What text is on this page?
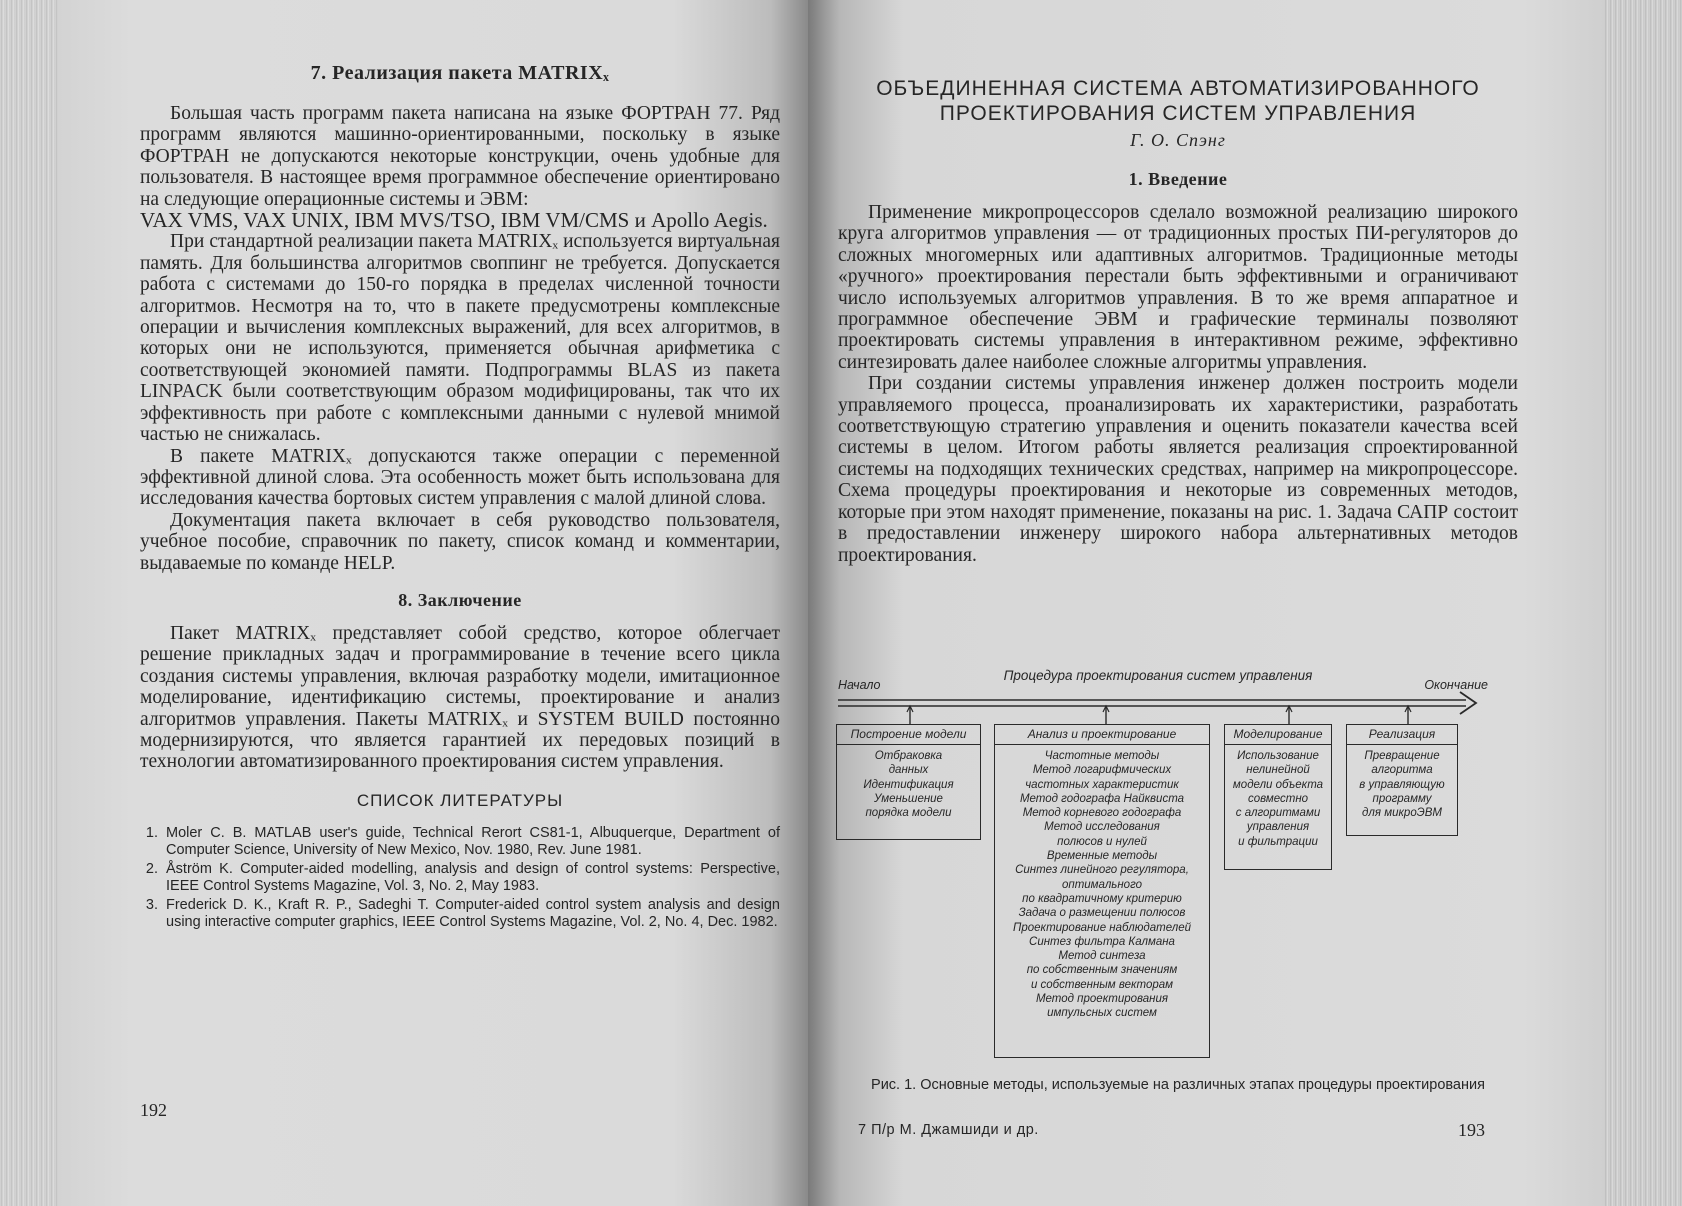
7. Реализация пакета MATRIXₓ

Большая часть программ пакета написана на языке ФОРТРАН 77. Ряд программ являются машинно-ориентированными, поскольку в языке ФОРТРАН не допускаются некоторые конструкции, очень удобные для пользователя. В настоящее время программное обеспечение ориентировано на следующие операционные системы и ЭВМ:

VAX VMS, VAX UNIX, IBM MVS/TSO, IBM VM/CMS и Apollo Aegis.

При стандартной реализации пакета MATRIXₓ используется виртуальная память. Для большинства алгоритмов своппинг не требуется. Допускается работа с системами до 150-го порядка в пределах численной точности алгоритмов. Несмотря на то, что в пакете предусмотрены комплексные операции и вычисления комплексных выражений, для всех алгоритмов, в которых они не используются, применяется обычная арифметика с соответствующей экономией памяти. Подпрограммы BLAS из пакета LINPACK были соответствующим образом модифицированы, так что их эффективность при работе с комплексными данными с нулевой мнимой частью не снижалась.

В пакете MATRIXₓ допускаются также операции с переменной эффективной длиной слова. Эта особенность может быть использована для исследования качества бортовых систем управления с малой длиной слова.

Документация пакета включает в себя руководство пользователя, учебное пособие, справочник по пакету, список команд и комментарии, выдаваемые по команде HELP.

8. Заключение

Пакет MATRIXₓ представляет собой средство, которое облегчает решение прикладных задач и программирование в течение всего цикла создания системы управления, включая разработку модели, имитационное моделирование, идентификацию системы, проектирование и анализ алгоритмов управления. Пакеты MATRIXₓ и SYSTEM BUILD постоянно модернизируются, что является гарантией их передовых позиций в технологии автоматизированного проектирования систем управления.

СПИСОК ЛИТЕРАТУРЫ
1. Moler C. B. MATLAB user's guide, Technical Rerort CS81-1, Albuquerque, Department of Computer Science, University of New Mexico, Nov. 1980, Rev. June 1981.
2. Åström K. Computer-aided modelling, analysis and design of control systems: Perspective, IEEE Control Systems Magazine, Vol. 3, No. 2, May 1983.
3. Frederick D. K., Kraft R. P., Sadeghi T. Computer-aided control system analysis and design using interactive computer graphics, IEEE Control Systems Magazine, Vol. 2, No. 4, Dec. 1982.
192
ОБЪЕДИНЕННАЯ СИСТЕМА АВТОМАТИЗИРОВАННОГО
ПРОЕКТИРОВАНИЯ СИСТЕМ УПРАВЛЕНИЯ
Г. О. Спэнг
1. Введение

Применение микропроцессоров сделало возможной реализацию широкого круга алгоритмов управления — от традиционных простых ПИ-регуляторов до сложных многомерных или адаптивных алгоритмов. Традиционные методы «ручного» проектирования перестали быть эффективными и ограничивают число используемых алгоритмов управления. В то же время аппаратное и программное обеспечение ЭВМ и графические терминалы позволяют проектировать системы управления в интерактивном режиме, эффективно синтезировать далее наиболее сложные алгоритмы управления.

При создании системы управления инженер должен построить модели управляемого процесса, проанализировать их характеристики, разработать соответствующую стратегию управления и оценить показатели качества всей системы в целом. Итогом работы является реализация спроектированной системы на подходящих технических средствах, например на микропроцессоре. Схема процедуры проектирования и некоторые из современных методов, которые при этом находят применение, показаны на рис. 1. Задача САПР состоит в предоставлении инженеру широкого набора альтернативных методов проектирования.

Начало
Процедура проектирования систем управления
Окончание
Построение модели
Отбраковка
данных
Идентификация
Уменьшение
порядка модели
Анализ и проектирование
Частотные методы
Метод логарифмических
частотных характеристик
Метод годографа Найквиста
Метод корневого годографа
Метод исследования
полюсов и нулей
Временные методы
Синтез линейного регулятора,
оптимального
по квадратичному критерию
Задача о размещении полюсов
Проектирование наблюдателей
Синтез фильтра Калмана
Метод синтеза
по собственным значениям
и собственным векторам
Метод проектирования
импульсных систем
Моделирование
Использование
нелинейной
модели объекта
совместно
с алгоритмами
управления
и фильтрации
Реализация
Превращение
алгоритма
в управляющую
программу
для микроЭВМ
Рис. 1. Основные методы, используемые на различных этапах процедуры проектирования
7 П/р М. Джамшиди и др.	193
